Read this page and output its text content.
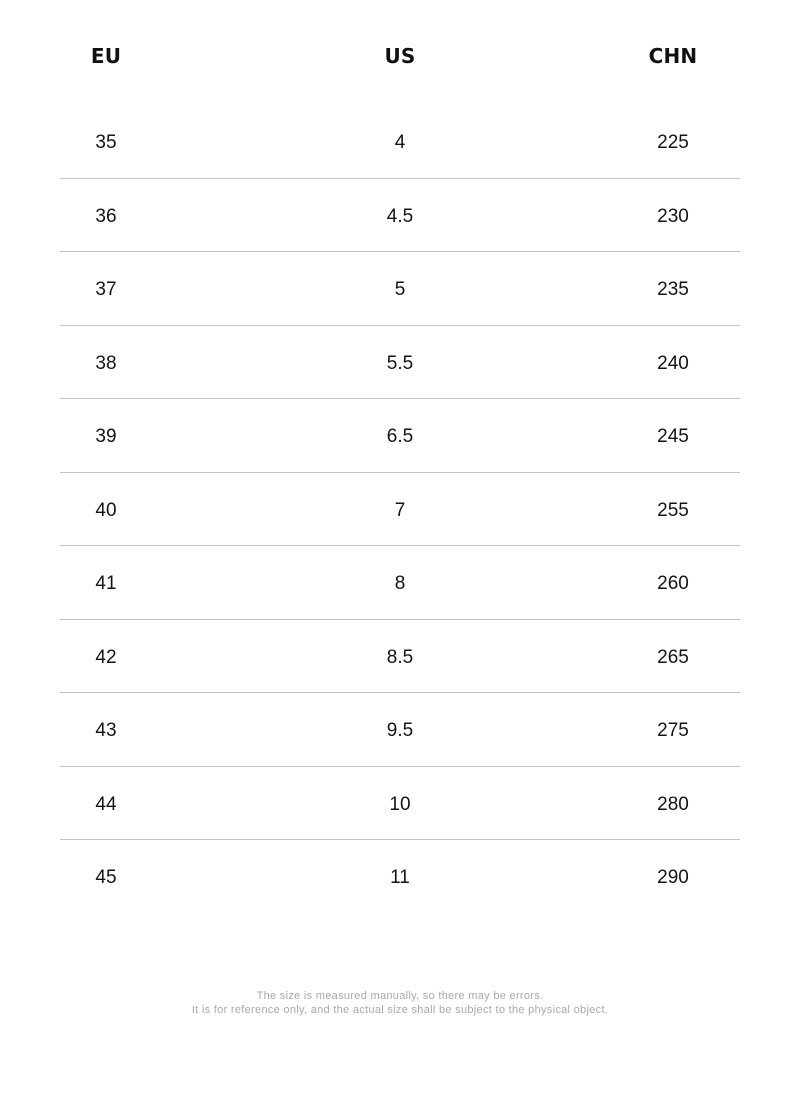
EU	US	CHN
35	4	225
36	4.5	230
37	5	235
38	5.5	240
39	6.5	245
40	7	255
41	8	260
42	8.5	265
43	9.5	275
44	10	280
45	11	290
The size is measured manually, so there may be errors.
It is for reference only, and the actual size shall be subject to the physical object.
